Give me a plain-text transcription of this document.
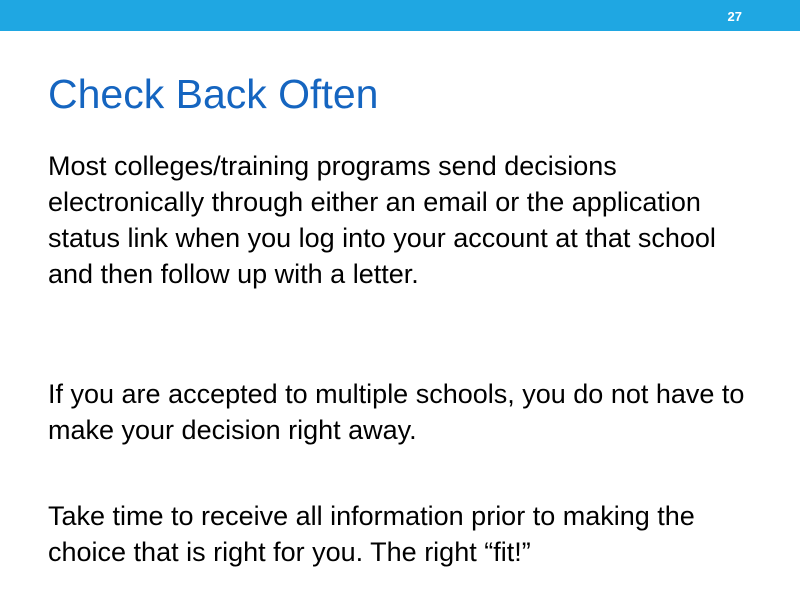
27
Check Back Often

Most colleges/training programs send decisions electronically through either an email or the application status link when you log into your account at that school and then follow up with a letter.

If you are accepted to multiple schools, you do not have to make your decision right away.

Take time to receive all information prior to making the choice that is right for you. The right “fit!”
